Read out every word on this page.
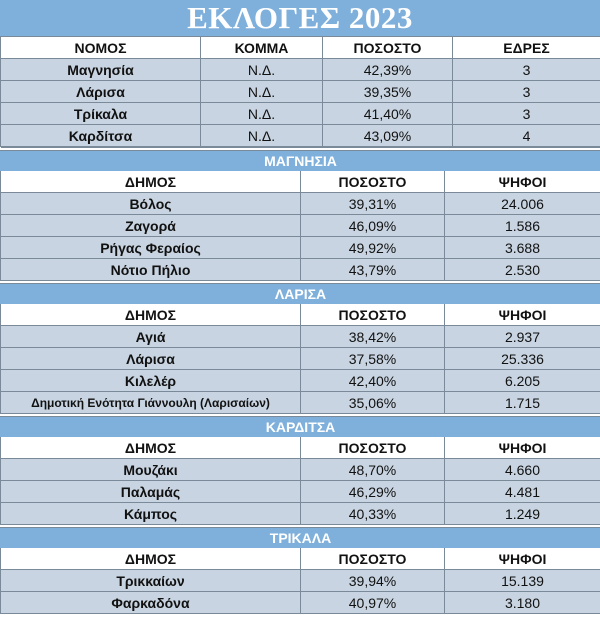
ΕΚΛΟΓΕΣ 2023
ΝΟΜΟΣ	ΚΟΜΜΑ	ΠΟΣΟΣΤΟ	ΕΔΡΕΣ
Μαγνησία	Ν.Δ.	42,39%	3
Λάρισα	Ν.Δ.	39,35%	3
Τρίκαλα	Ν.Δ.	41,40%	3
Καρδίτσα	Ν.Δ.	43,09%	4

ΜΑΓΝΗΣΙΑ		
ΔΗΜΟΣ	ΠΟΣΟΣΤΟ	ΨΗΦΟΙ
Βόλος	39,31%	24.006
Ζαγορά	46,09%	1.586
Ρήγας Φεραίος	49,92%	3.688
Νότιο Πήλιο	43,79%	2.530

ΛΑΡΙΣΑ		
ΔΗΜΟΣ	ΠΟΣΟΣΤΟ	ΨΗΦΟΙ
Αγιά	38,42%	2.937
Λάρισα	37,58%	25.336
Κιλελέρ	42,40%	6.205
Δημοτική Ενότητα Γιάννουλη (Λαρισαίων)	35,06%	1.715

ΚΑΡΔΙΤΣΑ		
ΔΗΜΟΣ	ΠΟΣΟΣΤΟ	ΨΗΦΟΙ
Μουζάκι	48,70%	4.660
Παλαμάς	46,29%	4.481
Κάμπος	40,33%	1.249

ΤΡΙΚΑΛΑ		
ΔΗΜΟΣ	ΠΟΣΟΣΤΟ	ΨΗΦΟΙ
Τρικκαίων	39,94%	15.139
Φαρκαδόνα	40,97%	3.180
